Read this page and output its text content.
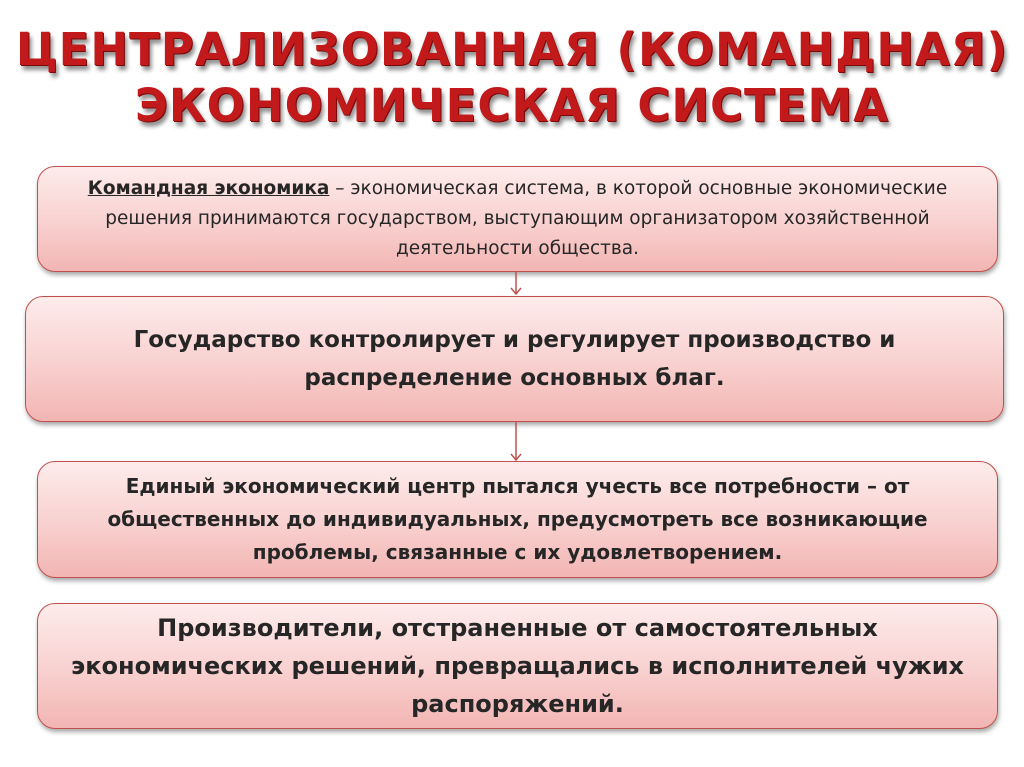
ЦЕНТРАЛИЗОВАННАЯ (КОМАНДНАЯ)
ЭКОНОМИЧЕСКАЯ СИСТЕМА

Командная экономика – экономическая система, в которой основные экономические решения принимаются государством, выступающим организатором хозяйственной деятельности общества.

Государство контролирует и регулирует производство и распределение основных благ.

Единый экономический центр пытался учесть все потребности – от общественных до индивидуальных, предусмотреть все возникающие проблемы, связанные с их удовлетворением.

Производители, отстраненные от самостоятельных экономических решений, превращались в исполнителей чужих распоряжений.
